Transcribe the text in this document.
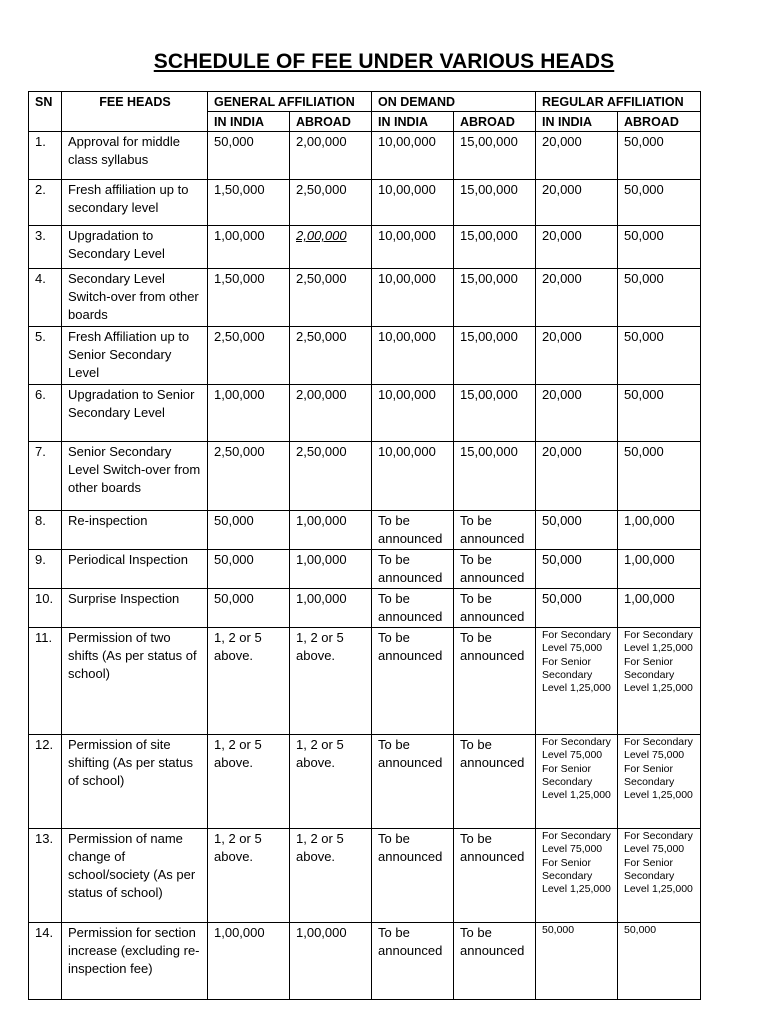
SCHEDULE OF FEE UNDER VARIOUS HEADS
SN	FEE HEADS	GENERAL AFFILIATION		ON DEMAND		REGULAR AFFILIATION	
		IN INDIA	ABROAD	IN INDIA	ABROAD	IN INDIA	ABROAD
1.	Approval for middle class syllabus	50,000	2,00,000	10,00,000	15,00,000	20,000	50,000
2.	Fresh affiliation up to secondary level	1,50,000	2,50,000	10,00,000	15,00,000	20,000	50,000
3.	Upgradation to Secondary Level	1,00,000	2,00,000	10,00,000	15,00,000	20,000	50,000
4.	Secondary Level Switch-over from other boards	1,50,000	2,50,000	10,00,000	15,00,000	20,000	50,000
5.	Fresh Affiliation up to Senior Secondary Level	2,50,000	2,50,000	10,00,000	15,00,000	20,000	50,000
6.	Upgradation to Senior Secondary Level	1,00,000	2,00,000	10,00,000	15,00,000	20,000	50,000
7.	Senior Secondary Level Switch-over from other boards	2,50,000	2,50,000	10,00,000	15,00,000	20,000	50,000
8.	Re-inspection	50,000	1,00,000	To be announced	To be announced	50,000	1,00,000
9.	Periodical Inspection	50,000	1,00,000	To be announced	To be announced	50,000	1,00,000
10.	Surprise Inspection	50,000	1,00,000	To be announced	To be announced	50,000	1,00,000
11.	Permission of two shifts (As per status of school)	1, 2 or 5 above.	1, 2 or 5 above.	To be announced	To be announced	For Secondary Level 75,000 For Senior Secondary Level 1,25,000	For Secondary Level 1,25,000 For Senior Secondary Level 1,25,000
12.	Permission of site shifting (As per status of school)	1, 2 or 5 above.	1, 2 or 5 above.	To be announced	To be announced	For Secondary Level 75,000 For Senior Secondary Level 1,25,000	For Secondary Level 75,000 For Senior Secondary Level 1,25,000
13.	Permission of name change of school/society (As per status of school)	1, 2 or 5 above.	1, 2 or 5 above.	To be announced	To be announced	For Secondary Level 75,000 For Senior Secondary Level 1,25,000	For Secondary Level 75,000 For Senior Secondary Level 1,25,000
14.	Permission for section increase (excluding re-inspection fee)	1,00,000	1,00,000	To be announced	To be announced	50,000	50,000
